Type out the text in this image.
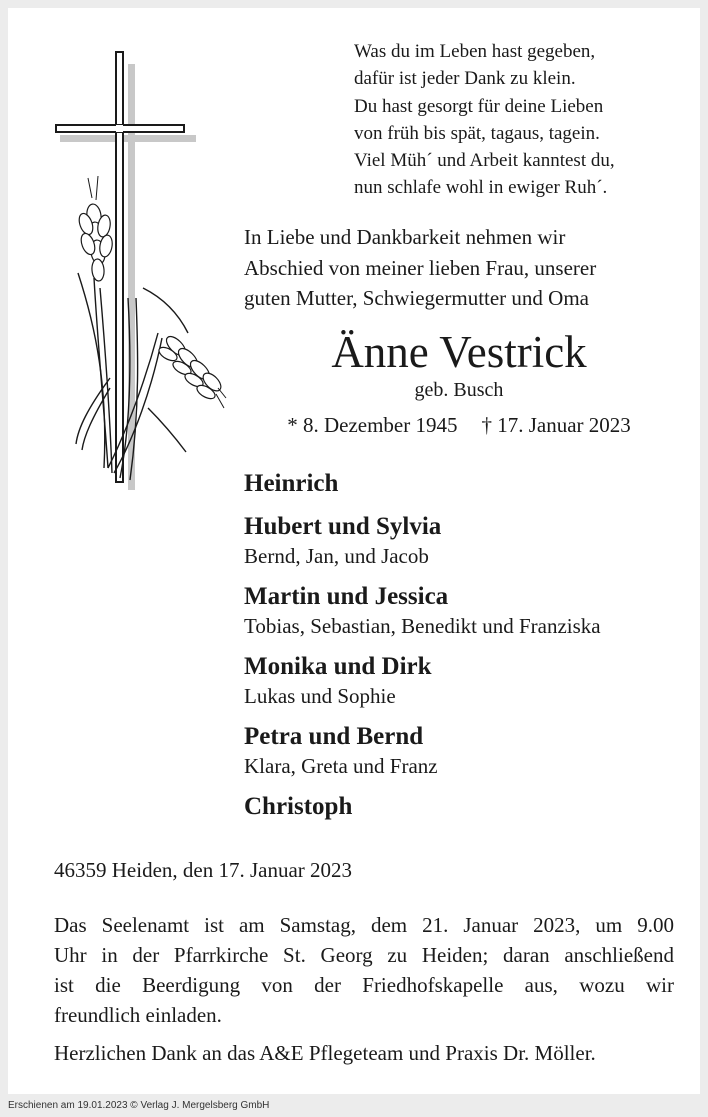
Was du im Leben hast gegeben,
dafür ist jeder Dank zu klein.
Du hast gesorgt für deine Lieben
von früh bis spät, tagaus, tagein.
Viel Müh´ und Arbeit kanntest du,
nun schlafe wohl in ewiger Ruh´.
In Liebe und Dankbarkeit nehmen wir
Abschied von meiner lieben Frau, unserer
guten Mutter, Schwiegermutter und Oma
Änne Vestrick
geb. Busch
* 8. Dezember 1945 † 17. Januar 2023
Heinrich
Hubert und Sylvia
Bernd, Jan, und Jacob
Martin und Jessica
Tobias, Sebastian, Benedikt und Franziska
Monika und Dirk
Lukas und Sophie
Petra und Bernd
Klara, Greta und Franz
Christoph
46359 Heiden, den 17. Januar 2023
Das Seelenamt ist am Samstag, dem 21. Januar 2023, um 9.00
Uhr in der Pfarrkirche St. Georg zu Heiden; daran anschließend
ist die Beerdigung von der Friedhofskapelle aus, wozu wir
freundlich einladen.
Herzlichen Dank an das A&E Pflegeteam und Praxis Dr. Möller.
Erschienen am 19.01.2023 © Verlag J. Mergelsberg GmbH
